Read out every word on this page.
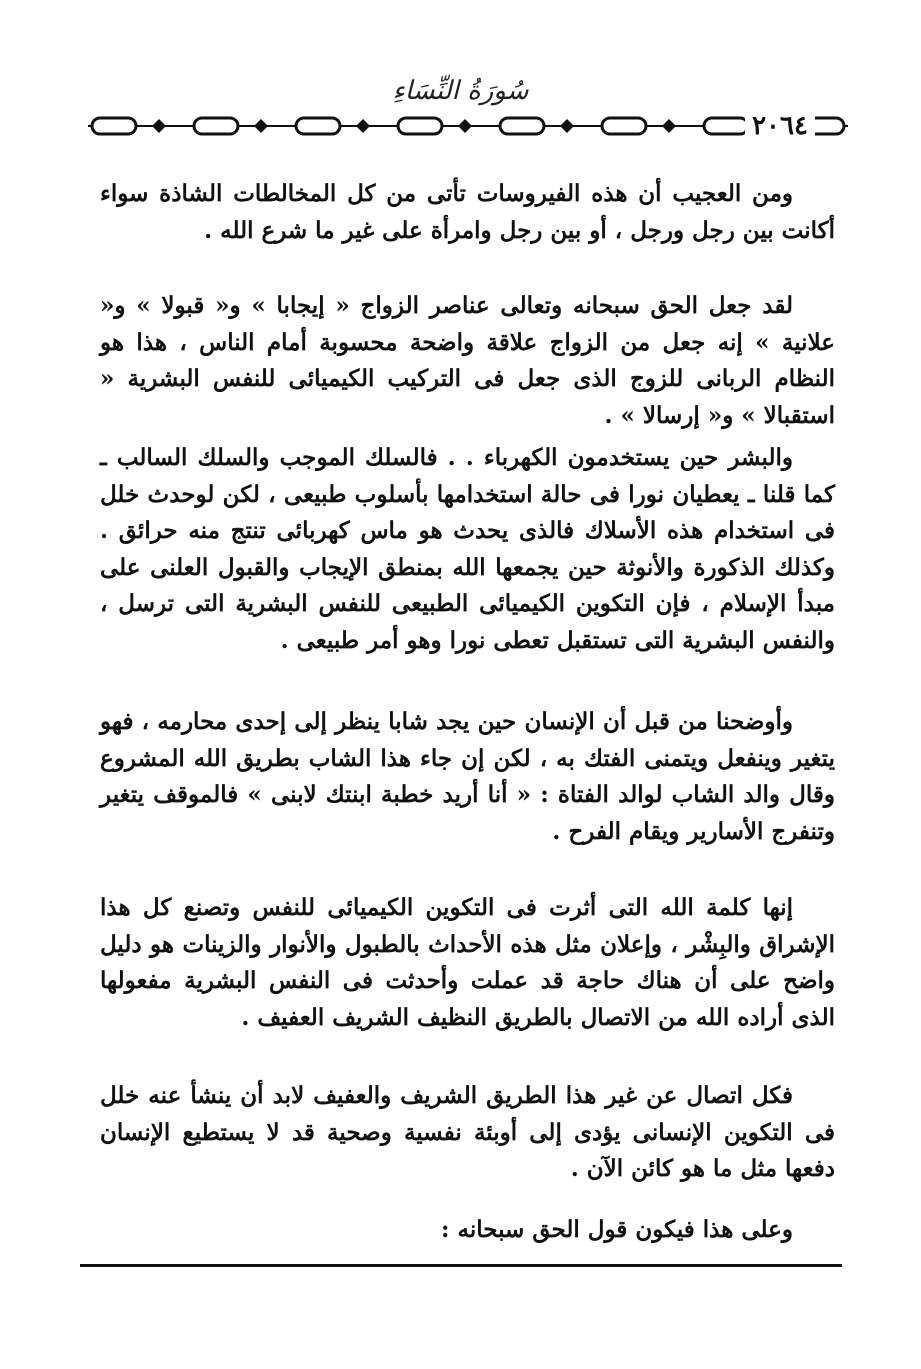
سُورَةُ النِّسَاءِ
٢٠٦٤

ومن العجيب أن هذه الفيروسات تأتى من كل المخالطات الشاذة سواء أكانت بين رجل ورجل ، أو بين رجل وامرأة على غير ما شرع الله .

لقد جعل الحق سبحانه وتعالى عناصر الزواج « إيجابا » و« قبولا » و« علانية » إنه جعل من الزواج علاقة واضحة محسوبة أمام الناس ، هذا هو النظام الربانى للزوج الذى جعل فى التركيب الكيميائى للنفس البشرية « استقبالا » و« إرسالا » .

والبشر حين يستخدمون الكهرباء . . فالسلك الموجب والسلك السالب ـ كما قلنا ـ يعطيان نورا فى حالة استخدامها بأسلوب طبيعى ، لكن لوحدث خلل فى استخدام هذه الأسلاك فالذى يحدث هو ماس كهربائى تنتج منه حرائق . وكذلك الذكورة والأنوثة حين يجمعها الله بمنطق الإيجاب والقبول العلنى على مبدأ الإسلام ، فإن التكوين الكيميائى الطبيعى للنفس البشرية التى ترسل ، والنفس البشرية التى تستقبل تعطى نورا وهو أمر طبيعى .

وأوضحنا من قبل أن الإنسان حين يجد شابا ينظر إلى إحدى محارمه ، فهو يتغير وينفعل ويتمنى الفتك به ، لكن إن جاء هذا الشاب بطريق الله المشروع وقال والد الشاب لوالد الفتاة : « أنا أريد خطبة ابنتك لابنى » فالموقف يتغير وتنفرج الأسارير ويقام الفرح .

إنها كلمة الله التى أثرت فى التكوين الكيميائى للنفس وتصنع كل هذا الإشراق والبِشْر ، وإعلان مثل هذه الأحداث بالطبول والأنوار والزينات هو دليل واضح على أن هناك حاجة قد عملت وأحدثت فى النفس البشرية مفعولها الذى أراده الله من الاتصال بالطريق النظيف الشريف العفيف .

فكل اتصال عن غير هذا الطريق الشريف والعفيف لابد أن ينشأ عنه خلل فى التكوين الإنسانى يؤدى إلى أوبئة نفسية وصحية قد لا يستطيع الإنسان دفعها مثل ما هو كائن الآن .

وعلى هذا فيكون قول الحق سبحانه :
